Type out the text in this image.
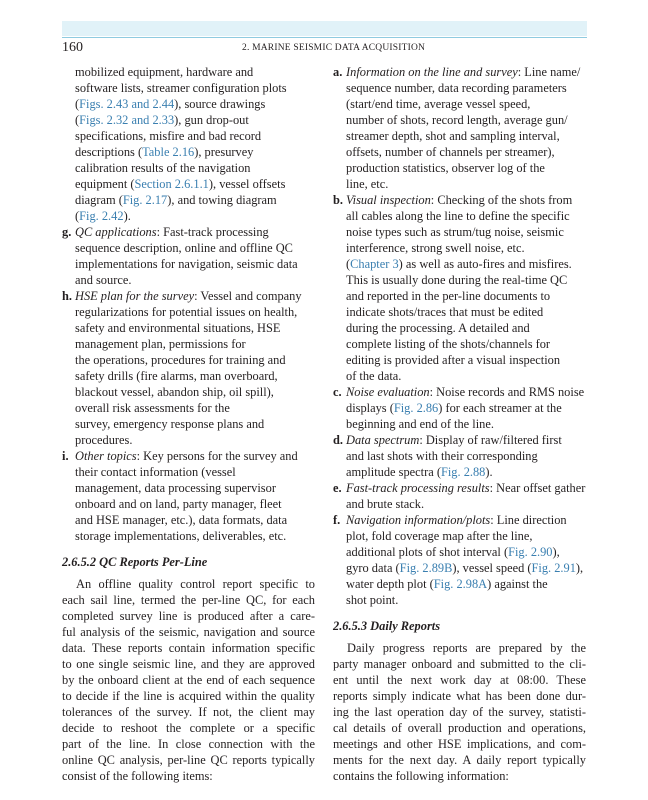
160	2. MARINE SEISMIC DATA ACQUISITION
mobilized equipment, hardware and
software lists, streamer configuration plots
(Figs. 2.43 and 2.44), source drawings
(Figs. 2.32 and 2.33), gun drop-out
specifications, misfire and bad record
descriptions (Table 2.16), presurvey
calibration results of the navigation
equipment (Section 2.6.1.1), vessel offsets
diagram (Fig. 2.17), and towing diagram
(Fig. 2.42).
g. QC applications: Fast-track processing
sequence description, online and offline QC
implementations for navigation, seismic data
and source.
h. HSE plan for the survey: Vessel and company
regularizations for potential issues on health,
safety and environmental situations, HSE
management plan, permissions for
the operations, procedures for training and
safety drills (fire alarms, man overboard,
blackout vessel, abandon ship, oil spill),
overall risk assessments for the
survey, emergency response plans and
procedures.
i. Other topics: Key persons for the survey and
their contact information (vessel
management, data processing supervisor
onboard and on land, party manager, fleet
and HSE manager, etc.), data formats, data
storage implementations, deliverables, etc.
2.6.5.2 QC Reports Per-Line
An offline quality control report specific to
each sail line, termed the per-line QC, for each
completed survey line is produced after a care-
ful analysis of the seismic, navigation and source
data. These reports contain information specific
to one single seismic line, and they are approved
by the onboard client at the end of each sequence
to decide if the line is acquired within the quality
tolerances of the survey. If not, the client may
decide to reshoot the complete or a specific
part of the line. In close connection with the
online QC analysis, per-line QC reports typically
consist of the following items:
a. Information on the line and survey: Line name/
sequence number, data recording parameters
(start/end time, average vessel speed,
number of shots, record length, average gun/
streamer depth, shot and sampling interval,
offsets, number of channels per streamer),
production statistics, observer log of the
line, etc.
b. Visual inspection: Checking of the shots from
all cables along the line to define the specific
noise types such as strum/tug noise, seismic
interference, strong swell noise, etc.
(Chapter 3) as well as auto-fires and misfires.
This is usually done during the real-time QC
and reported in the per-line documents to
indicate shots/traces that must be edited
during the processing. A detailed and
complete listing of the shots/channels for
editing is provided after a visual inspection
of the data.
c. Noise evaluation: Noise records and RMS noise
displays (Fig. 2.86) for each streamer at the
beginning and end of the line.
d. Data spectrum: Display of raw/filtered first
and last shots with their corresponding
amplitude spectra (Fig. 2.88).
e. Fast-track processing results: Near offset gather
and brute stack.
f. Navigation information/plots: Line direction
plot, fold coverage map after the line,
additional plots of shot interval (Fig. 2.90),
gyro data (Fig. 2.89B), vessel speed (Fig. 2.91),
water depth plot (Fig. 2.98A) against the
shot point.
2.6.5.3 Daily Reports
Daily progress reports are prepared by the
party manager onboard and submitted to the cli-
ent until the next work day at 08:00. These
reports simply indicate what has been done dur-
ing the last operation day of the survey, statisti-
cal details of overall production and operations,
meetings and other HSE implications, and com-
ments for the next day. A daily report typically
contains the following information:
